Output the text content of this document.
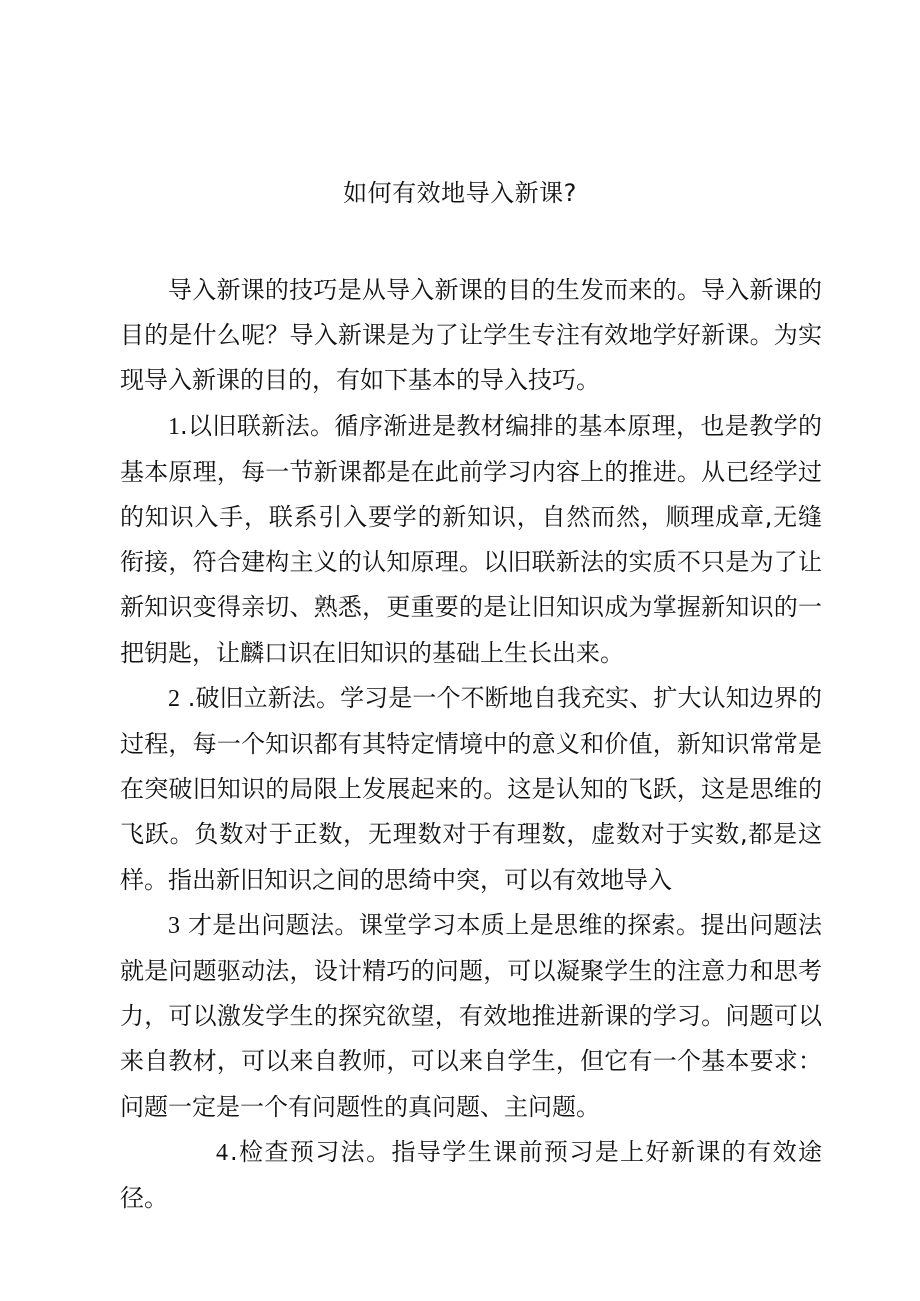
如何有效地导入新课?

导入新课的技巧是从导入新课的目的生发而来的。导入新课的目的是什么呢？导入新课是为了让学生专注有效地学好新课。为实现导入新课的目的，有如下基本的导入技巧。

1.以旧联新法。循序渐进是教材编排的基本原理，也是教学的基本原理，每一节新课都是在此前学习内容上的推进。从已经学过的知识入手，联系引入要学的新知识，自然而然，顺理成章,无缝衔接，符合建构主义的认知原理。以旧联新法的实质不只是为了让新知识变得亲切、熟悉，更重要的是让旧知识成为掌握新知识的一把钥匙，让麟口识在旧知识的基础上生长出来。

2 .破旧立新法。学习是一个不断地自我充实、扩大认知边界的过程，每一个知识都有其特定情境中的意义和价值，新知识常常是在突破旧知识的局限上发展起来的。这是认知的飞跃，这是思维的飞跃。负数对于正数，无理数对于有理数，虚数对于实数,都是这样。指出新旧知识之间的思绮中突，可以有效地导入

3 才是出问题法。课堂学习本质上是思维的探索。提出问题法就是问题驱动法，设计精巧的问题，可以凝聚学生的注意力和思考力，可以激发学生的探究欲望，有效地推进新课的学习。问题可以来自教材，可以来自教师，可以来自学生，但它有一个基本要求：问题一定是一个有问题性的真问题、主问题。

4.检查预习法。指导学生课前预习是上好新课的有效途径。
